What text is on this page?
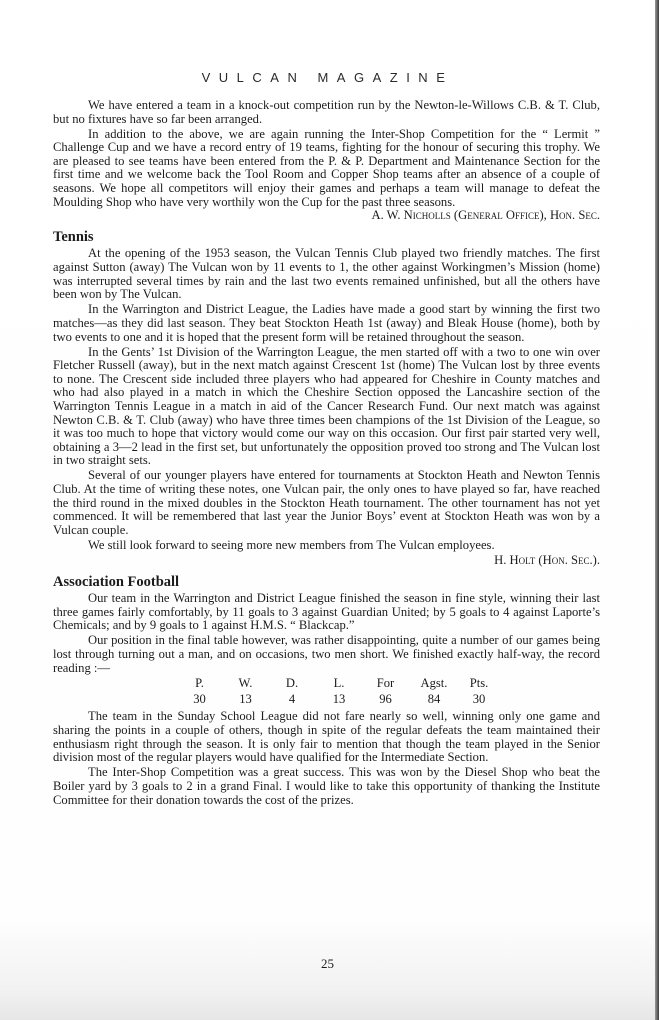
VULCAN MAGAZINE

We have entered a team in a knock-out competition run by the Newton-le-Willows C.B. & T. Club, but no fixtures have so far been arranged.

In addition to the above, we are again running the Inter-Shop Competition for the “ Lermit ” Challenge Cup and we have a record entry of 19 teams, fighting for the honour of securing this trophy. We are pleased to see teams have been entered from the P. & P. Department and Maintenance Section for the first time and we welcome back the Tool Room and Copper Shop teams after an absence of a couple of seasons. We hope all competitors will enjoy their games and perhaps a team will manage to defeat the Moulding Shop who have very worthily won the Cup for the past three seasons.
A. W. Nicholls (General Office), Hon. Sec.

Tennis

At the opening of the 1953 season, the Vulcan Tennis Club played two friendly matches. The first against Sutton (away) The Vulcan won by 11 events to 1, the other against Workingmen’s Mission (home) was interrupted several times by rain and the last two events remained unfinished, but all the others have been won by The Vulcan.

In the Warrington and District League, the Ladies have made a good start by winning the first two matches—as they did last season. They beat Stockton Heath 1st (away) and Bleak House (home), both by two events to one and it is hoped that the present form will be retained throughout the season.

In the Gents’ 1st Division of the Warrington League, the men started off with a two to one win over Fletcher Russell (away), but in the next match against Crescent 1st (home) The Vulcan lost by three events to none. The Crescent side included three players who had appeared for Cheshire in County matches and who had also played in a match in which the Cheshire Section opposed the Lancashire section of the Warrington Tennis League in a match in aid of the Cancer Research Fund. Our next match was against Newton C.B. & T. Club (away) who have three times been champions of the 1st Division of the League, so it was too much to hope that victory would come our way on this occasion. Our first pair started very well, obtaining a 3—2 lead in the first set, but unfortunately the opposition proved too strong and The Vulcan lost in two straight sets.

Several of our younger players have entered for tournaments at Stockton Heath and Newton Tennis Club. At the time of writing these notes, one Vulcan pair, the only ones to have played so far, have reached the third round in the mixed doubles in the Stockton Heath tournament. The other tournament has not yet commenced. It will be remembered that last year the Junior Boys’ event at Stockton Heath was won by a Vulcan couple.

We still look forward to seeing more new members from The Vulcan employees.

H. Holt (Hon. Sec.).

Association Football

Our team in the Warrington and District League finished the season in fine style, winning their last three games fairly comfortably, by 11 goals to 3 against Guardian United; by 5 goals to 4 against Laporte’s Chemicals; and by 9 goals to 1 against H.M.S. “ Blackcap.”

Our position in the final table however, was rather disappointing, quite a number of our games being lost through turning out a man, and on occasions, two men short. We finished exactly half-way, the record reading :—

P.	W.	D.	L.	For	Agst.	Pts.
30	13	4	13	96	84	30

The team in the Sunday School League did not fare nearly so well, winning only one game and sharing the points in a couple of others, though in spite of the regular defeats the team maintained their enthusiasm right through the season. It is only fair to mention that though the team played in the Senior division most of the regular players would have qualified for the Intermediate Section.

The Inter-Shop Competition was a great success. This was won by the Diesel Shop who beat the Boiler yard by 3 goals to 2 in a grand Final. I would like to take this opportunity of thanking the Institute Committee for their donation towards the cost of the prizes.

25
